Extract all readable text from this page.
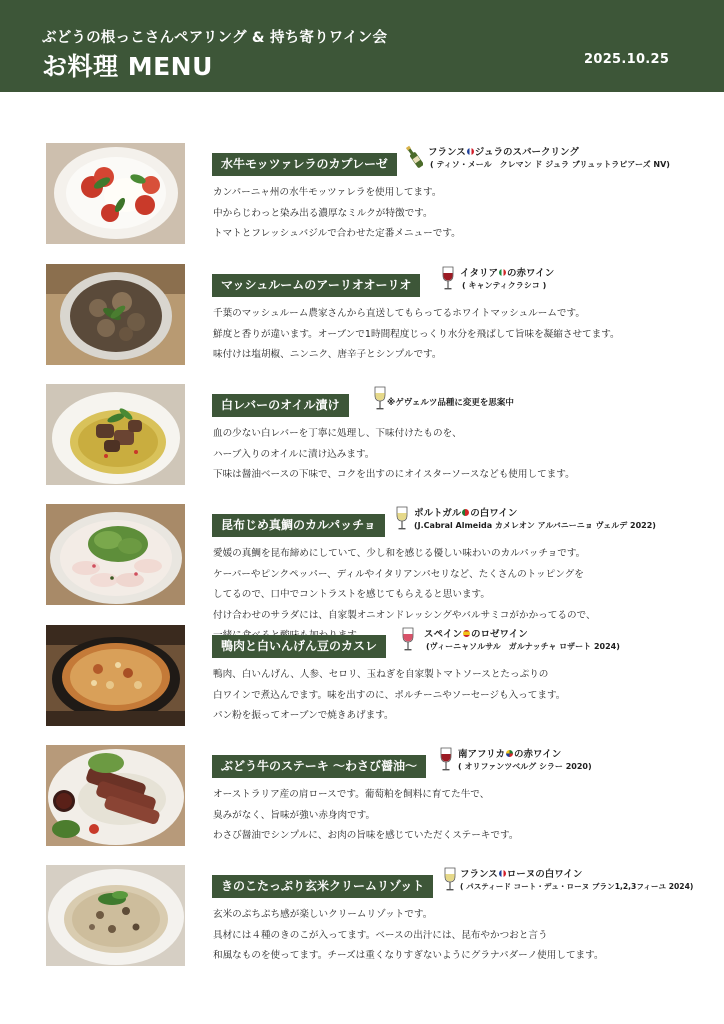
ぶどうの根っこさんペアリング & 持ち寄りワイン会
お料理 MENU	2025.10.25
水牛モッツァレラのカプレーゼ
フランス ジュラのスパークリング
( ティソ・メール　クレマン ド ジュラ ブリュットラピアーズ NV)

カンパーニャ州の水牛モッツァレラを使用してます。

中からじわっと染み出る濃厚なミルクが特徴です。

トマトとフレッシュバジルで合わせた定番メニューです。

マッシュルームのアーリオオーリオ
イタリア の赤ワイン
( キャンティクラシコ )

千葉のマッシュルーム農家さんから直送してもらってるホワイトマッシュルームです。

鮮度と香りが違います。オーブンで1時間程度じっくり水分を飛ばして旨味を凝縮させてます。

味付けは塩胡椒、ニンニク、唐辛子とシンプルです。

白レバーのオイル漬け	※ゲヴェルツ品種に変更を思案中

血の少ない白レバーを丁寧に処理し、下味付けたものを、

ハーブ入りのオイルに漬け込みます。

下味は醤油ベースの下味で、コクを出すのにオイスターソースなども使用してます。

昆布じめ真鯛のカルパッチョ
ポルトガル の白ワイン
(J.Cabral Almeida カメレオン アルバニーニョ ヴェルデ 2022)

愛媛の真鯛を昆布締めにしていて、少し和を感じる優しい味わいのカルパッチョです。

ケーパーやピンクペッパー、ディルやイタリアンパセリなど、たくさんのトッピングを

してるので、口中でコントラストを感じてもらえると思います。

付け合わせのサラダには、自家製オニオンドレッシングやバルサミコがかかってるので、

鴨肉と白いんげん豆のカスレ
スペイン のロゼワイン
(ヴィーニャソルサル　ガルナッチャ ロザート 2024)

鴨肉、白いんげん、人参、セロリ、玉ねぎを自家製トマトソースとたっぷりの

白ワインで煮込んでます。味を出すのに、ポルチーニやソーセージも入ってます。

パン粉を振ってオーブンで焼きあげます。

ぶどう牛のステーキ 〜わさび醤油〜
南アフリカ の赤ワイン
( オリファンツベルグ シラー 2020)

オーストラリア産の肩ロースです。葡萄粕を飼料に育てた牛で、

臭みがなく、旨味が強い赤身肉です。

わさび醤油でシンプルに、お肉の旨味を感じていただくステーキです。

きのこたっぷり玄米クリームリゾット
フランス ローヌの白ワイン
( パスティード コート・デュ・ローヌ ブラン1,2,3フィーユ 2024)

玄米のぷちぷち感が楽しいクリームリゾットです。

具材には４種のきのこが入ってます。ベースの出汁には、昆布やかつおと言う

和風なものを使ってます。チーズは重くなりすぎないようにグラナパダーノ使用してます。
